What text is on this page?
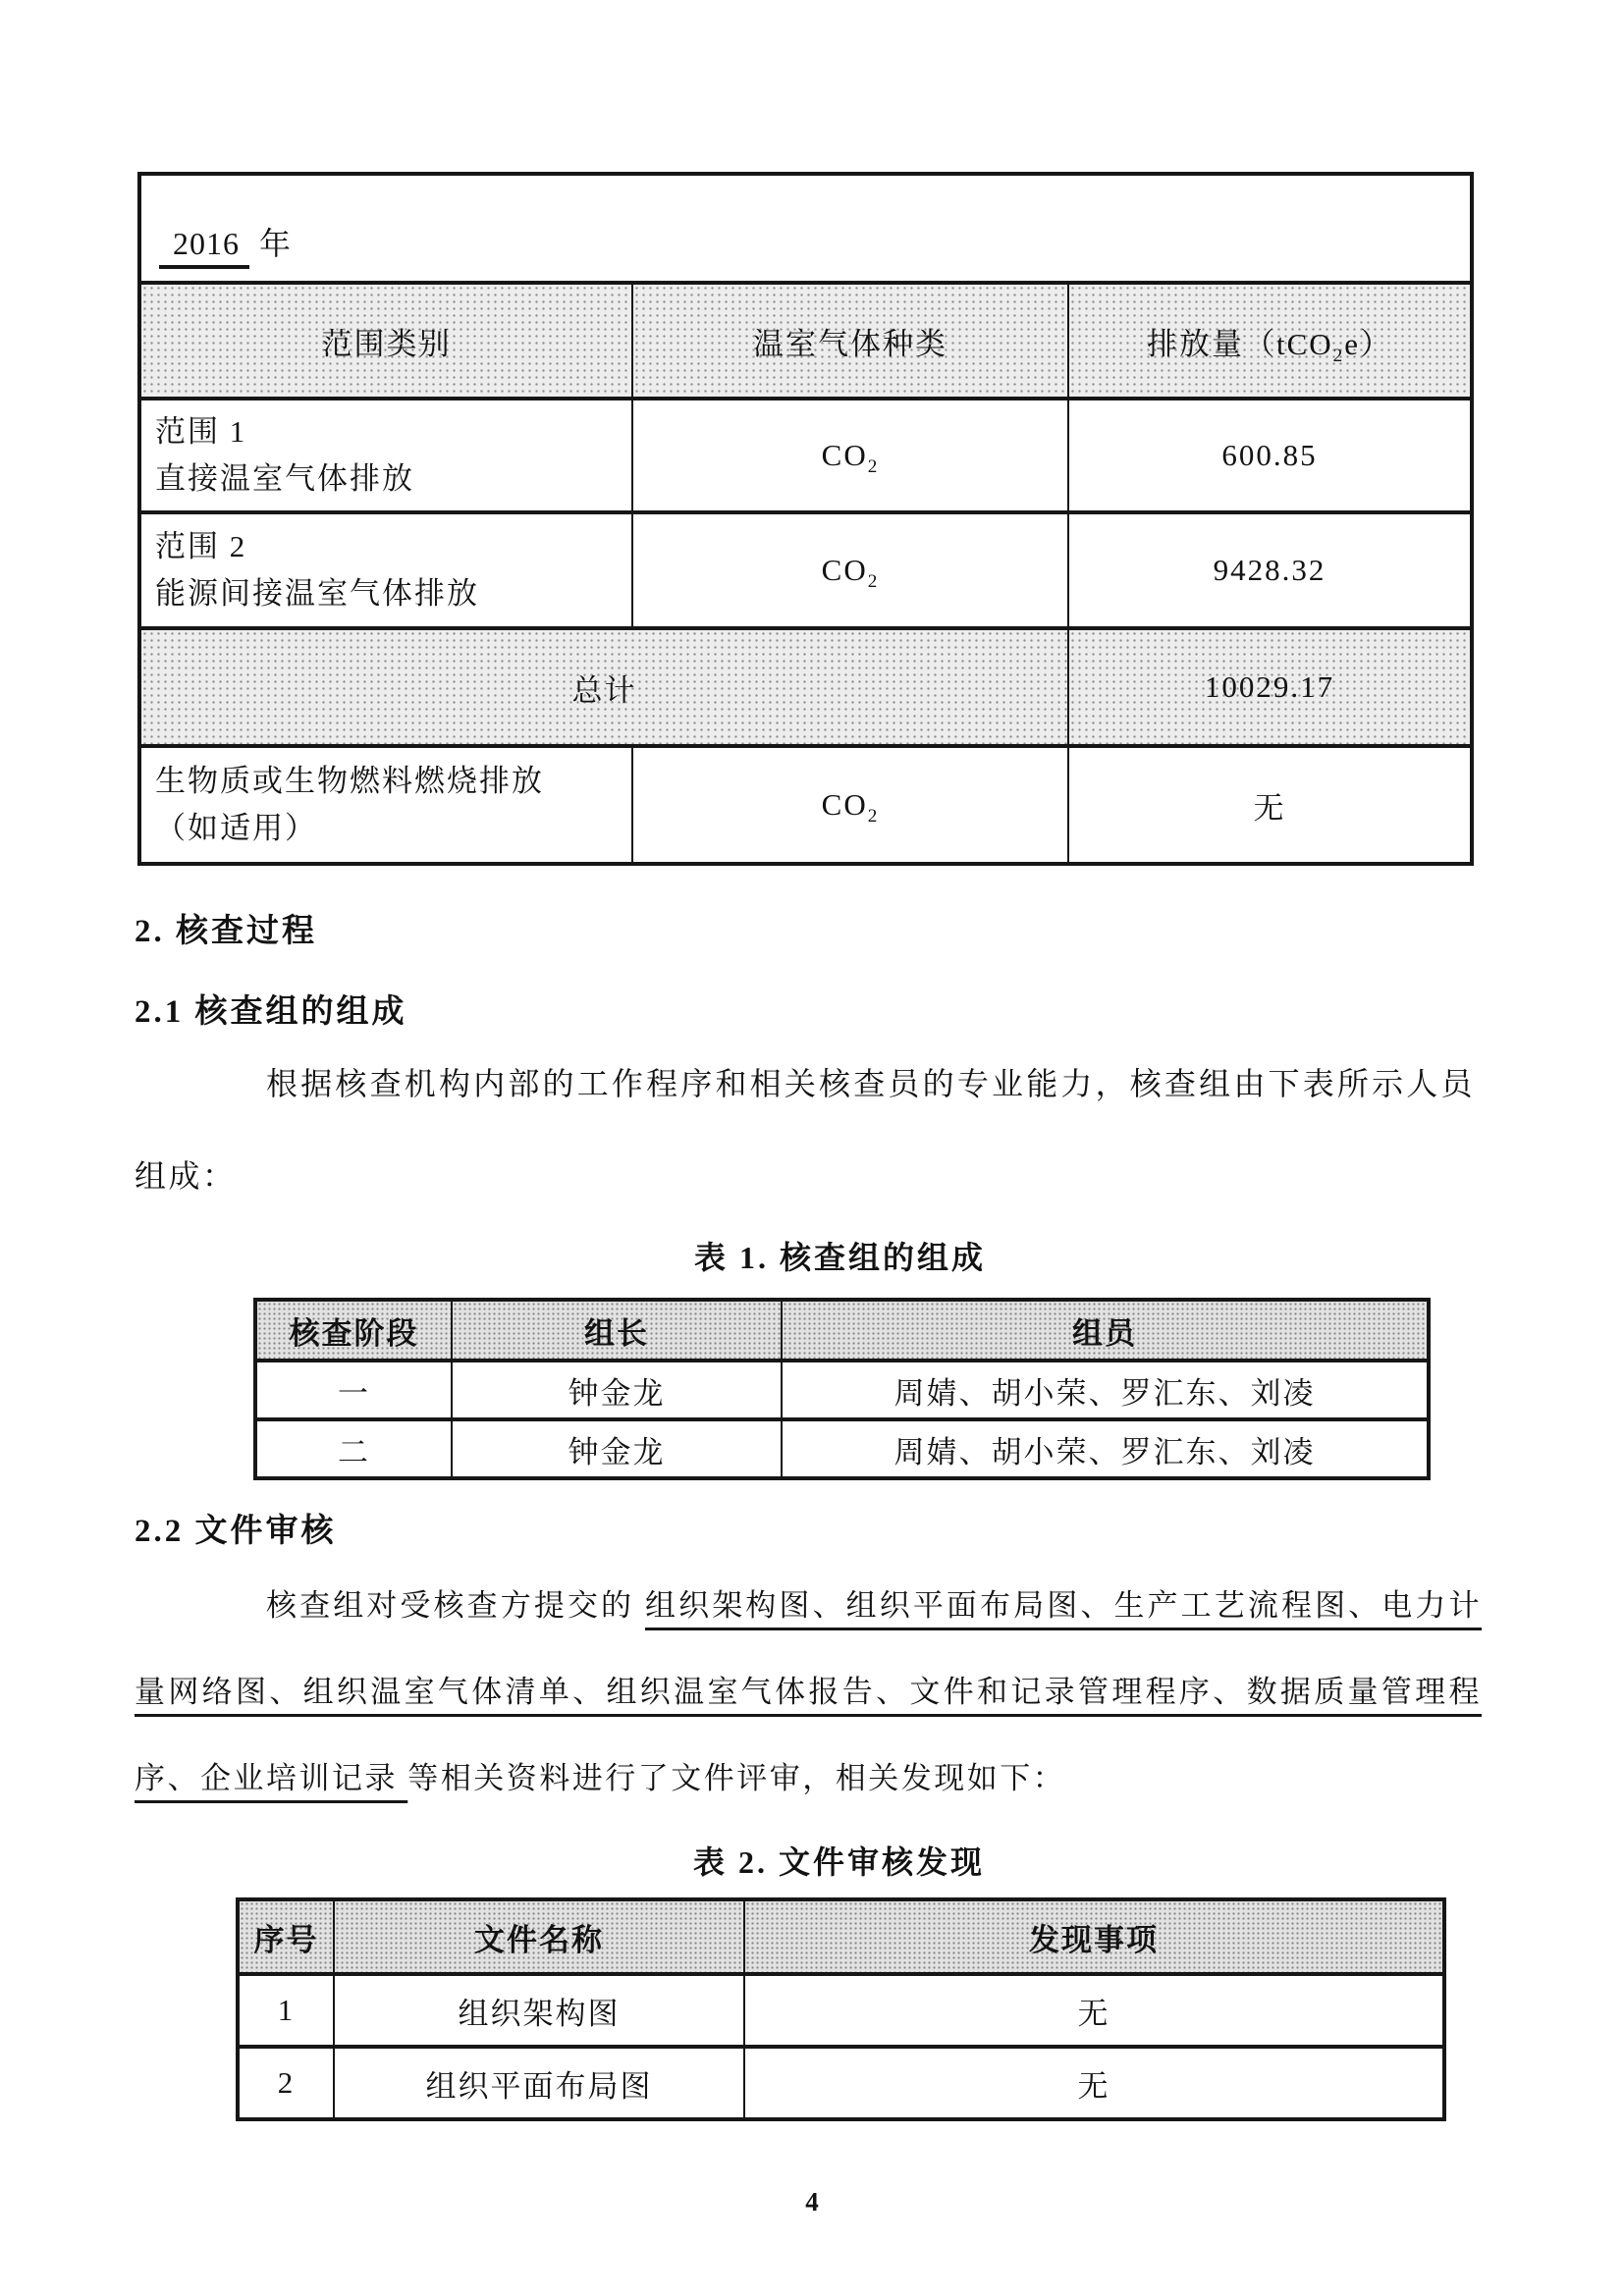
2016 年		
范围类别	温室气体种类	排放量（tCO$_2$e）

范围 1
直接温室气体排放	$CO_2$	600.85

范围 2
能源间接温室气体排放	$CO_2$	9428.32
总计		10029.17

生物质或生物燃料燃烧排放
（如适用）	$CO_2$	无
2. 核查过程
2.1 核查组的组成
根据核查机构内部的工作程序和相关核查员的专业能力，核查组由下表所示人员组成：
表 1. 核查组的组成
核查阶段	组长	组员
一	钟金龙	周婧、胡小荣、罗汇东、刘凌
二	钟金龙	周婧、胡小荣、罗汇东、刘凌
2.2 文件审核
核查组对受核查方提交的 组织架构图、组织平面布局图、生产工艺流程图、电力计量网络图、组织温室气体清单、组织温室气体报告、文件和记录管理程序、数据质量管理程序、企业培训记录 等相关资料进行了文件评审，相关发现如下：
表 2. 文件审核发现
序号	文件名称	发现事项
1	组织架构图	无
2	组织平面布局图	无
4
